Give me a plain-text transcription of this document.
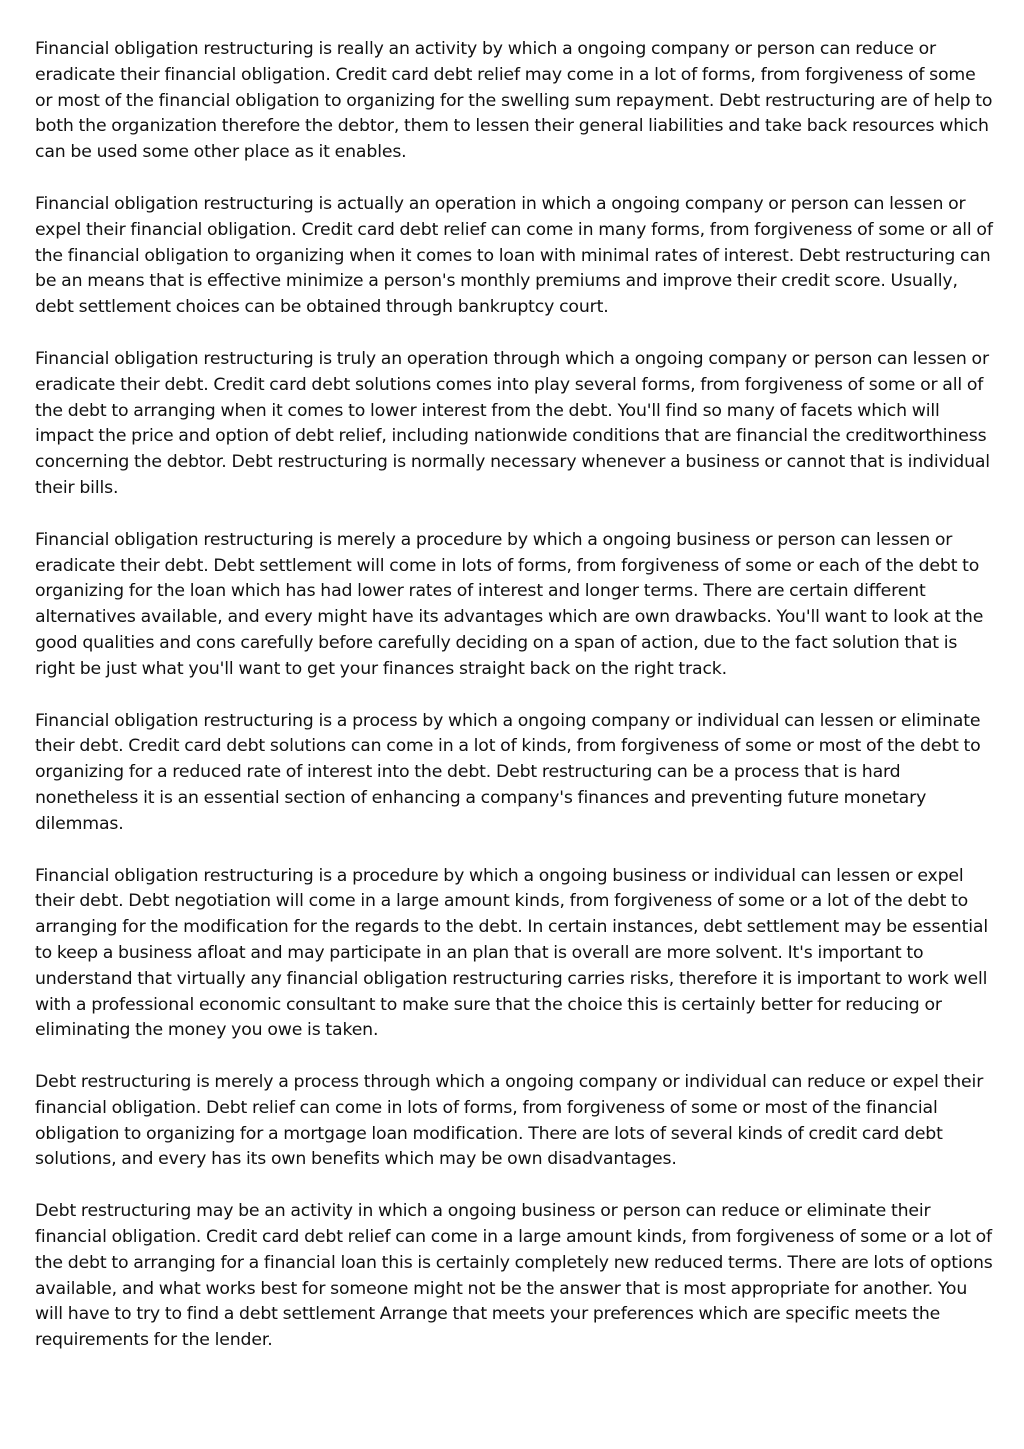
Financial obligation restructuring is really an activity by which a ongoing company or person can reduce or eradicate their financial obligation. Credit card debt relief may come in a lot of forms, from forgiveness of some or most of the financial obligation to organizing for the swelling sum repayment. Debt restructuring are of help to both the organization therefore the debtor, them to lessen their general liabilities and take back resources which can be used some other place as it enables.

Financial obligation restructuring is actually an operation in which a ongoing company or person can lessen or expel their financial obligation. Credit card debt relief can come in many forms, from forgiveness of some or all of the financial obligation to organizing when it comes to loan with minimal rates of interest. Debt restructuring can be an means that is effective minimize a person's monthly premiums and improve their credit score. Usually, debt settlement choices can be obtained through bankruptcy court.

Financial obligation restructuring is truly an operation through which a ongoing company or person can lessen or eradicate their debt. Credit card debt solutions comes into play several forms, from forgiveness of some or all of the debt to arranging when it comes to lower interest from the debt. You'll find so many of facets which will impact the price and option of debt relief, including nationwide conditions that are financial the creditworthiness concerning the debtor. Debt restructuring is normally necessary whenever a business or cannot that is individual their bills.

Financial obligation restructuring is merely a procedure by which a ongoing business or person can lessen or eradicate their debt. Debt settlement will come in lots of forms, from forgiveness of some or each of the debt to organizing for the loan which has had lower rates of interest and longer terms. There are certain different alternatives available, and every might have its advantages which are own drawbacks. You'll want to look at the good qualities and cons carefully before carefully deciding on a span of action, due to the fact solution that is right be just what you'll want to get your finances straight back on the right track.

Financial obligation restructuring is a process by which a ongoing company or individual can lessen or eliminate their debt. Credit card debt solutions can come in a lot of kinds, from forgiveness of some or most of the debt to organizing for a reduced rate of interest into the debt. Debt restructuring can be a process that is hard nonetheless it is an essential section of enhancing a company's finances and preventing future monetary dilemmas.

Financial obligation restructuring is a procedure by which a ongoing business or individual can lessen or expel their debt. Debt negotiation will come in a large amount kinds, from forgiveness of some or a lot of the debt to arranging for the modification for the regards to the debt. In certain instances, debt settlement may be essential to keep a business afloat and may participate in an plan that is overall are more solvent. It's important to understand that virtually any financial obligation restructuring carries risks, therefore it is important to work well with a professional economic consultant to make sure that the choice this is certainly better for reducing or eliminating the money you owe is taken.

Debt restructuring is merely a process through which a ongoing company or individual can reduce or expel their financial obligation. Debt relief can come in lots of forms, from forgiveness of some or most of the financial obligation to organizing for a mortgage loan modification. There are lots of several kinds of credit card debt solutions, and every has its own benefits which may be own disadvantages.

Debt restructuring may be an activity in which a ongoing business or person can reduce or eliminate their financial obligation. Credit card debt relief can come in a large amount kinds, from forgiveness of some or a lot of the debt to arranging for a financial loan this is certainly completely new reduced terms. There are lots of options available, and what works best for someone might not be the answer that is most appropriate for another. You will have to try to find a debt settlement Arrange that meets your preferences which are specific meets the requirements for the lender.
